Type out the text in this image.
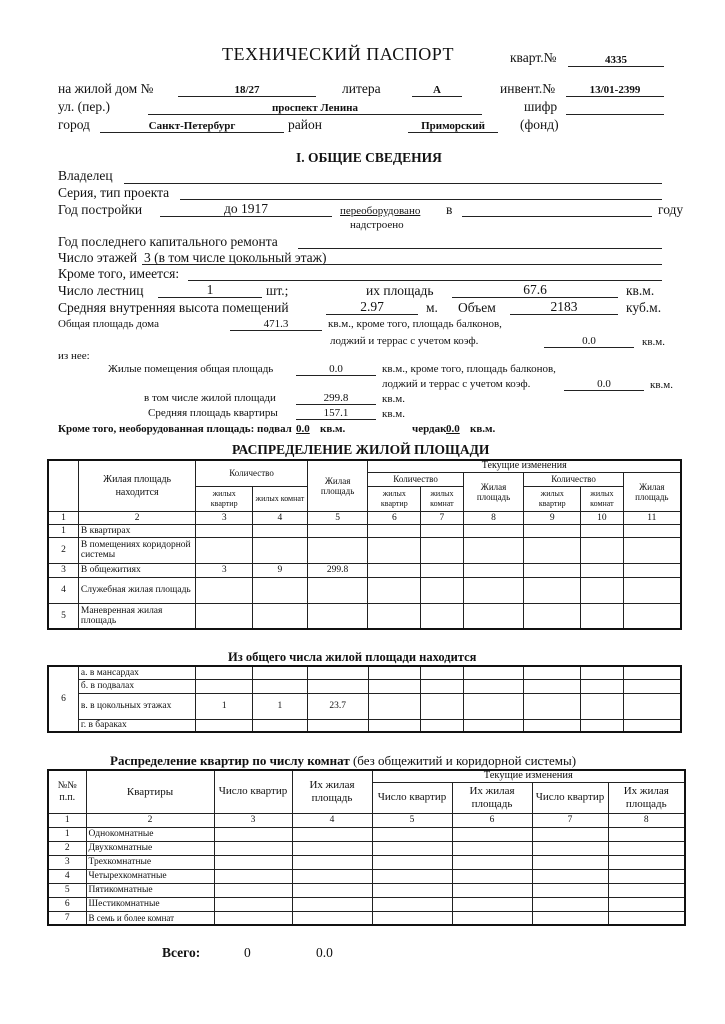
ТЕХНИЧЕСКИЙ ПАСПОРТ	кварт.№	4335
на жилой дом №	18/27	литера	А	инвент.№	13/01-2399
ул. (пер.)	проспект Ленина	шифр
город	Санкт-Петербург	район	Приморский	(фонд)
I. ОБЩИЕ СВЕДЕНИЯ
Владелец
Серия, тип проекта
Год постройки	до 1917	переоборудовано
надстроено
в	году
Год последнего капитального ремонта
Число этажей 3 (в том числе цокольный этаж)
Кроме того, имеется:
Число лестниц	1	шт.;	их площадь	67.6	кв.м.
Средняя внутренняя высота помещений	2.97	м. Объем	2183	куб.м.
Общая площадь дома	471.3	кв.м., кроме того, площадь балконов,
лоджий и террас с учетом коэф.	0.0	кв.м.
из нее:
Жилые помещения общая площадь	0.0	кв.м., кроме того, площадь балконов,
лоджий и террас с учетом коэф.	0.0	кв.м.
в том числе жилой площади	299.8	кв.м.
Средняя площадь квартиры	157.1	кв.м.
Кроме того, необорудованная площадь: подвал 0.0 кв.м.	чердак 0.0 кв.м.
РАСПРЕДЕЛЕНИЕ ЖИЛОЙ ПЛОЩАДИ
	Жилая площадь находится	Количество		Жилая площадь	Текущие изменения					
					Количество		Жилая площадь	Количество		Жилая площадь
		жилых квартир	жилых комнат		жилых квартир	жилых комнат		жилых квартир	жилых комнат	
1	2	3	4	5	6	7	8	9	10	11
1	В квартирах									
2	В помещениях коридорной системы									
3	В общежитиях	3	9	299.8						
4	Служебная жилая площадь									
5	Маневренная жилая площадь									
Из общего числа жилой площади находится
6	а. в мансардах									
	б. в подвалах									
	в. в цокольных этажах	1	1	23.7						
	г. в бараках									
Распределение квартир по числу комнат (без общежитий и коридорной системы)
№№ п.п.	Квартиры	Число квартир	Их жилая площадь	Текущие изменения			
				Число квартир	Их жилая площадь	Число квартир	Их жилая площадь
1	2	3	4	5	6	7	8
1	Однокомнатные						
2	Двухкомнатные						
3	Трехкомнатные						
4	Четырехкомнатные						
5	Пятикомнатные						
6	Шестикомнатные						
7	В семь и более комнат						
Всего:	0	0.0
